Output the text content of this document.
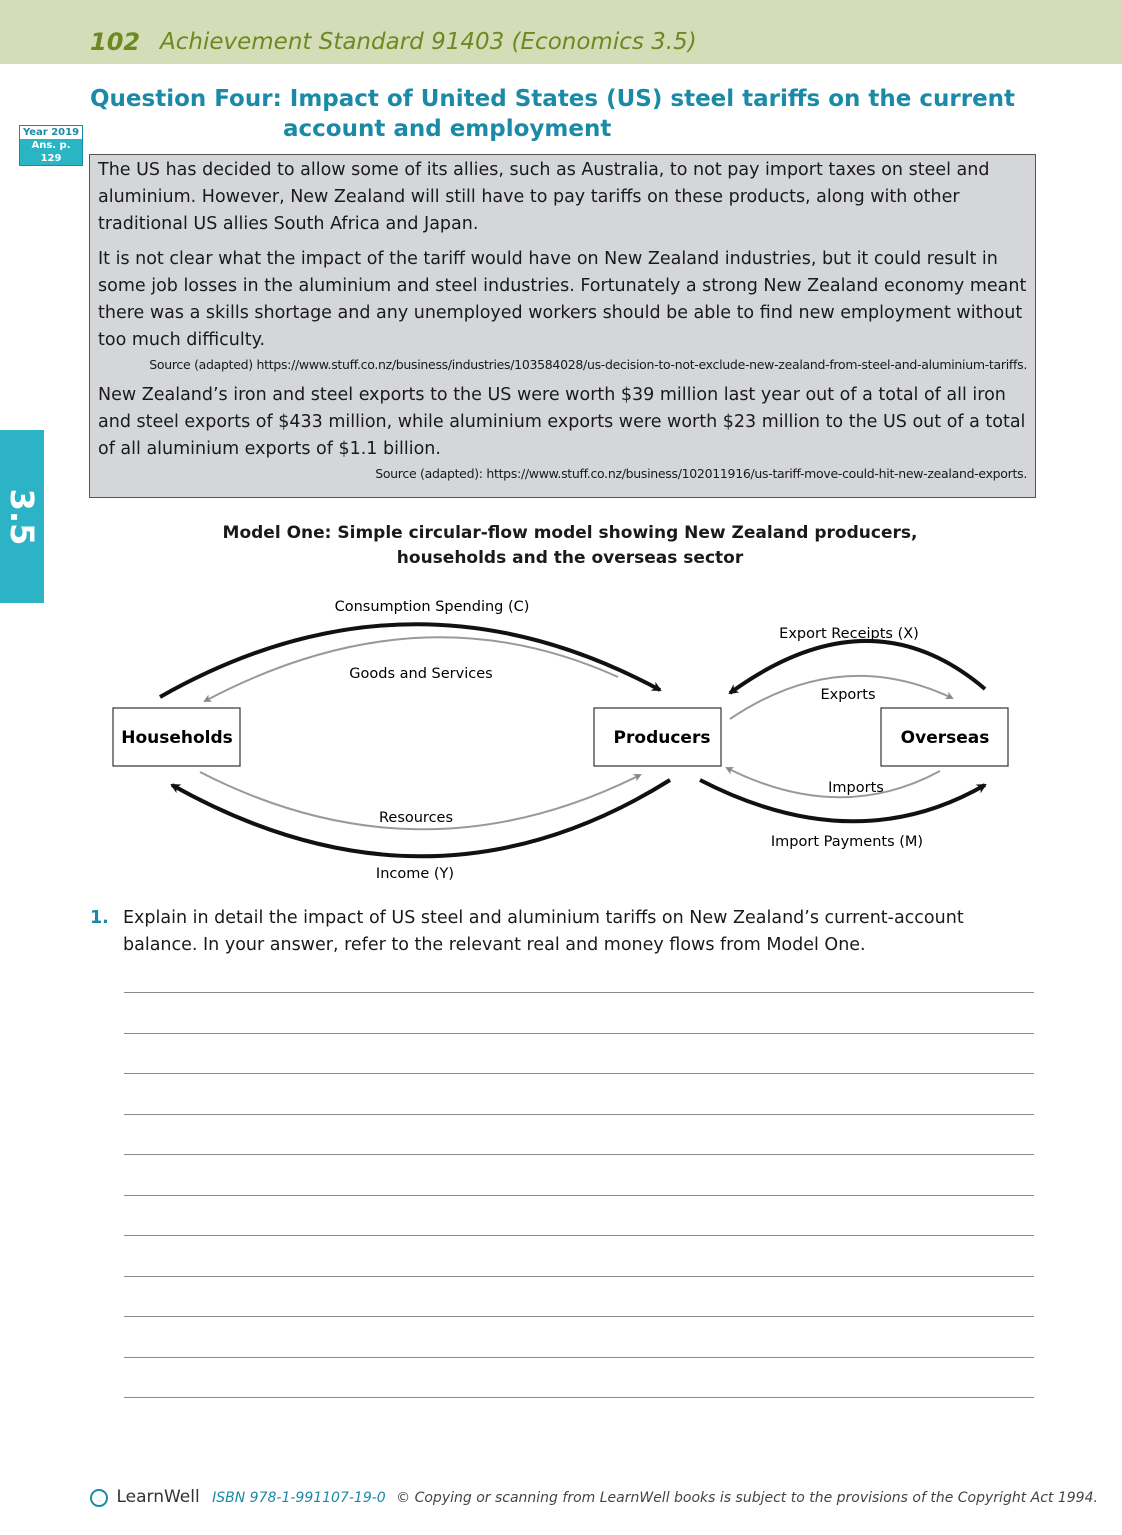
102 Achievement Standard 91403 (Economics 3.5)
Question Four: Impact of United States (US) steel tariffs on the current
account and employment
Year 2019
Ans. p. 129
3.5

The US has decided to allow some of its allies, such as Australia, to not pay import taxes on steel and aluminium. However, New Zealand will still have to pay tariffs on these products, along with other traditional US allies South Africa and Japan.

It is not clear what the impact of the tariff would have on New Zealand industries, but it could result in some job losses in the aluminium and steel industries. Fortunately a strong New Zealand economy meant there was a skills shortage and any unemployed workers should be able to find new employment without too much difficulty.

Source (adapted) https://www.stuff.co.nz/business/industries/103584028/us-decision-to-not-exclude-new-zealand-from-steel-and-aluminium-tariffs.

New Zealand’s iron and steel exports to the US were worth $39 million last year out of a total of all iron and steel exports of $433 million, while aluminium exports were worth $23 million to the US out of a total of all aluminium exports of $1.1 billion.

Source (adapted): https://www.stuff.co.nz/business/102011916/us-tariff-move-could-hit-new-zealand-exports.

Model One: Simple circular-flow model showing New Zealand producers,
households and the overseas sector
Households	Producers	Overseas
Consumption Spending (C)
Goods and Services
Resources
Income (Y)
Export Receipts (X)
Exports
Imports
Import Payments (M)
1. Explain in detail the impact of US steel and aluminium tariffs on New Zealand’s current-account balance. In your answer, refer to the relevant real and money flows from Model One.
LearnWell ISBN 978-1-991107-19-0 © Copying or scanning from LearnWell books is subject to the provisions of the Copyright Act 1994.
